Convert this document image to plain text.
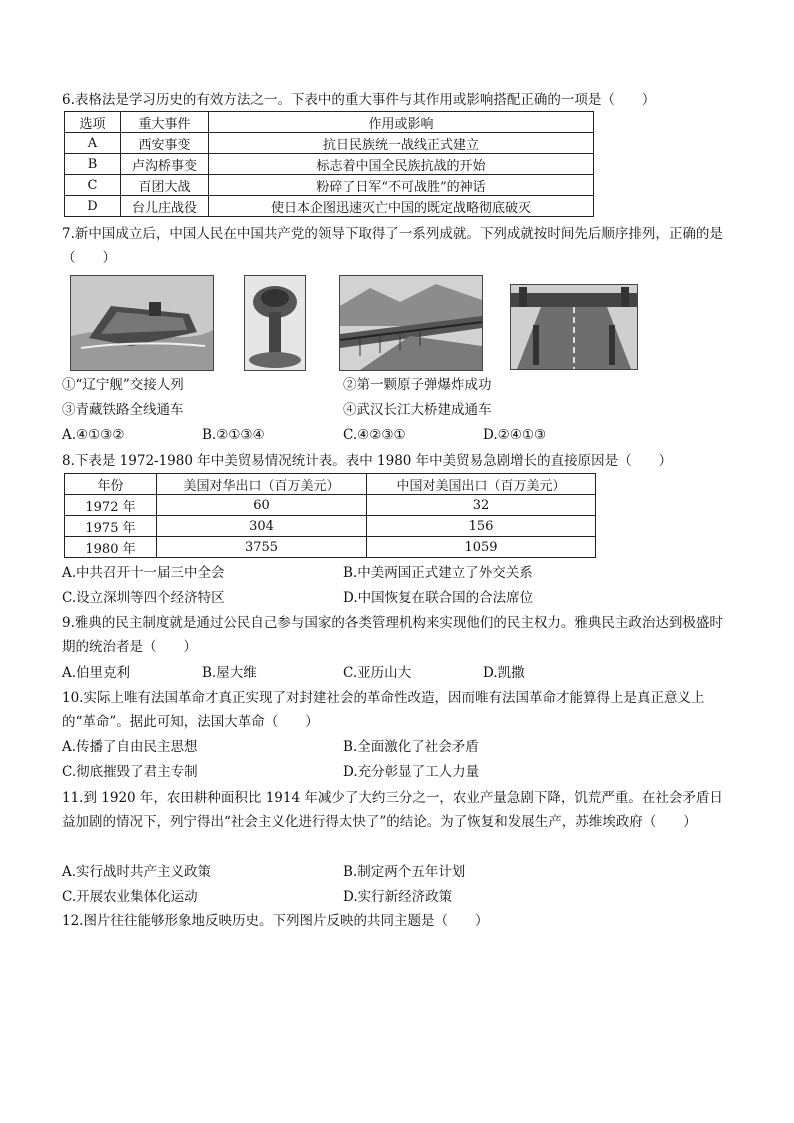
6.表格法是学习历史的有效方法之一。下表中的重大事件与其作用或影响搭配正确的一项是（　　）
选项	重大事件	作用或影响
A	西安事变	抗日民族统一战线正式建立
B	卢沟桥事变	标志着中国全民族抗战的开始
C	百团大战	粉碎了日军“不可战胜”的神话
D	台儿庄战役	使日本企图迅速灭亡中国的既定战略彻底破灭
7.新中国成立后，中国人民在中国共产党的领导下取得了一系列成就。下列成就按时间先后顺序排列，正确的是（　　）
①“辽宁舰”交接人列	②第一颗原子弹爆炸成功
③青藏铁路全线通车	④武汉长江大桥建成通车
A.④①③②	B.②①③④	C.④②③①	D.②④①③
8.下表是 1972-1980 年中美贸易情况统计表。表中 1980 年中美贸易急剧增长的直接原因是（　　）
年份	美国对华出口（百万美元）	中国对美国出口（百万美元）
1972 年	60	32
1975 年	304	156
1980 年	3755	1059
A.中共召开十一届三中全会	B.中美两国正式建立了外交关系
C.设立深圳等四个经济特区	D.中国恢复在联合国的合法席位
9.雅典的民主制度就是通过公民自己参与国家的各类管理机构来实现他们的民主权力。雅典民主政治达到极盛时期的统治者是（　　）
A.伯里克利	B.屋大维	C.亚历山大	D.凯撒
10.实际上唯有法国革命才真正实现了对封建社会的革命性改造，因而唯有法国革命才能算得上是真正意义上的“革命”。据此可知，法国大革命（　　）
A.传播了自由民主思想	B.全面激化了社会矛盾
C.彻底摧毁了君主专制	D.充分彰显了工人力量
11.到 1920 年，农田耕种面积比 1914 年减少了大约三分之一，农业产量急剧下降，饥荒严重。在社会矛盾日益加剧的情况下，列宁得出“社会主义化进行得太快了”的结论。为了恢复和发展生产，苏维埃政府（　　）
A.实行战时共产主义政策	B.制定两个五年计划
C.开展农业集体化运动	D.实行新经济政策
12.图片往往能够形象地反映历史。下列图片反映的共同主题是（　　）
